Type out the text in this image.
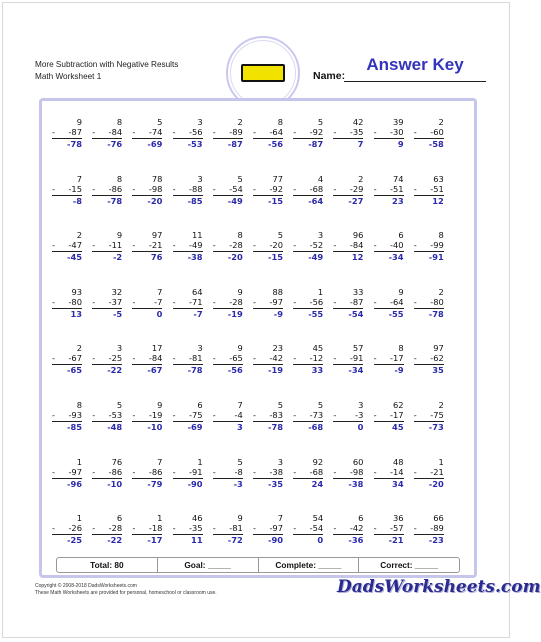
More Subtraction with Negative Results
Math Worksheet 1	Name:
Answer Key
9
- -87
-78
8
- -84
-76
5
- -74
-69
3
- -56
-53
2
- -89
-87
8
- -64
-56
5
- -92
-87
42
- -35
7
39
- -30
9
2
- -60
-58
7
- -15
-8
8
- -86
-78
78
- -98
-20
3
- -88
-85
5
- -54
-49
77
- -92
-15
4
- -68
-64
2
- -29
-27
74
- -51
23
63
- -51
12
2
- -47
-45
9
- -11
-2
97
- -21
76
11
- -49
-38
8
- -28
-20
5
- -20
-15
3
- -52
-49
96
- -84
12
6
- -40
-34
8
- -99
-91
93
- -80
13
32
- -37
-5
7
- -7
0
64
- -71
-7
9
- -28
-19
88
- -97
-9
1
- -56
-55
33
- -87
-54
9
- -64
-55
2
- -80
-78
2
- -67
-65
3
- -25
-22
17
- -84
-67
3
- -81
-78
9
- -65
-56
23
- -42
-19
45
- -12
33
57
- -91
-34
8
- -17
-9
97
- -62
35
8
- -93
-85
5
- -53
-48
9
- -19
-10
6
- -75
-69
7
- -4
3
5
- -83
-78
5
- -73
-68
3
- -3
0
62
- -17
45
2
- -75
-73
1
- -97
-96
76
- -86
-10
7
- -86
-79
1
- -91
-90
5
- -8
-3
3
- -38
-35
92
- -68
24
60
- -98
-38
48
- -14
34
1
- -21
-20
1
- -26
-25
6
- -28
-22
1
- -18
-17
46
- -35
11
9
- -81
-72
7
- -97
-90
54
- -54
0
6
- -42
-36
36
- -57
-21
66
- -89
-23
Total: 80	Goal: _____	Complete: _____	Correct: _____
Copyright © 2008-2018 DadsWorksheets.com
These Math Worksheets are provided for personal, homeschool or classroom use.	DadsWorksheets.com
